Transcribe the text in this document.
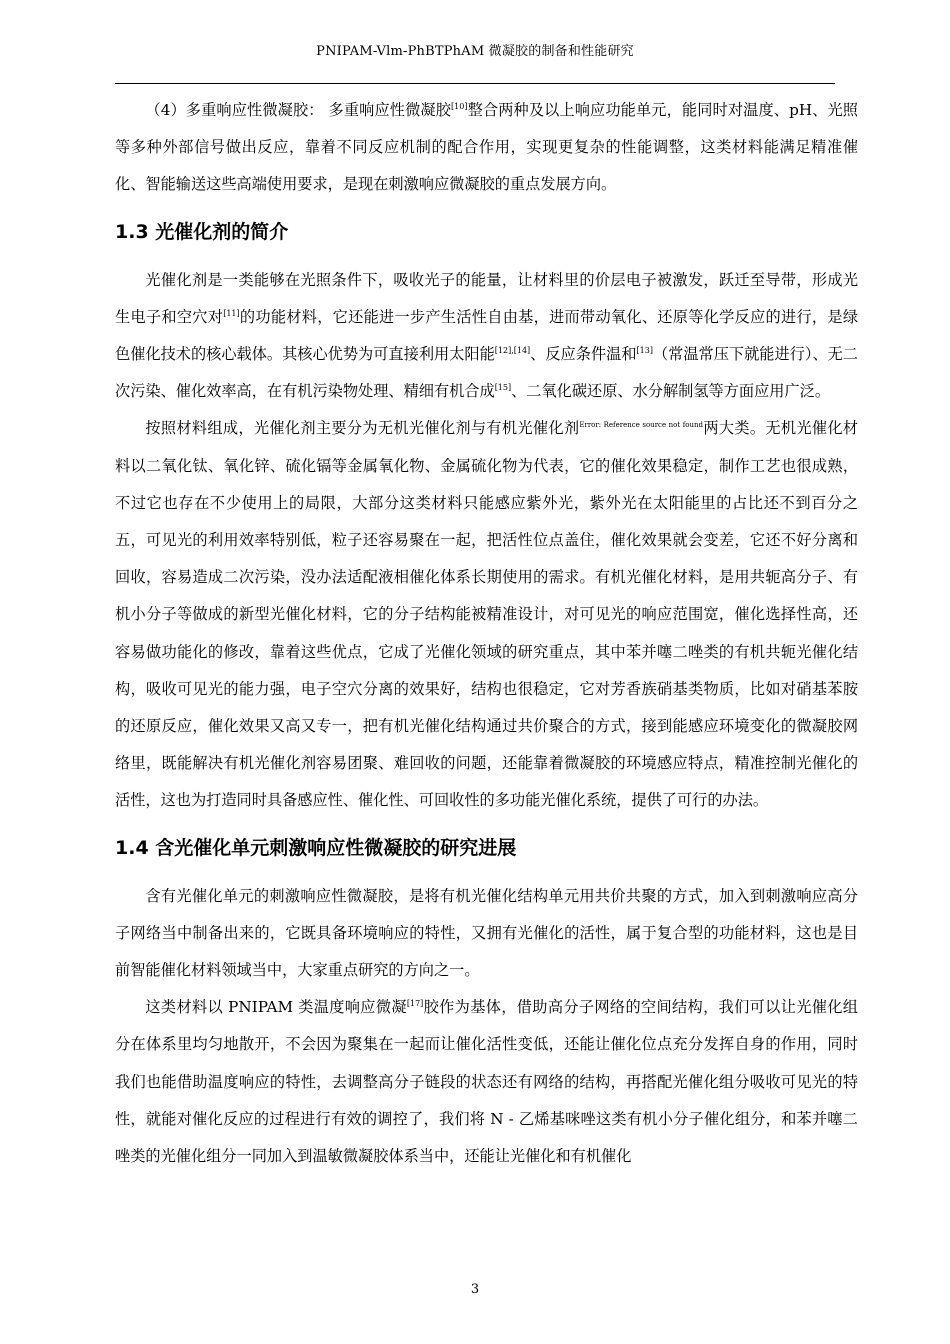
PNIPAM-Vlm-PhBTPhAM 微凝胶的制备和性能研究

（4）多重响应性微凝胶： 多重响应性微凝胶[10]整合两种及以上响应功能单元，能同时对温度、pH、光照等多种外部信号做出反应，靠着不同反应机制的配合作用，实现更复杂的性能调整，这类材料能满足精准催化、智能输送这些高端使用要求，是现在刺激响应微凝胶的重点发展方向。

1.3 光催化剂的简介

光催化剂是一类能够在光照条件下，吸收光子的能量，让材料里的价层电子被激发，跃迁至导带，形成光生电子和空穴对[11]的功能材料，它还能进一步产生活性自由基，进而带动氧化、还原等化学反应的进行，是绿色催化技术的核心载体。其核心优势为可直接利用太阳能[12],[14]、反应条件温和[13]（常温常压下就能进行）、无二次污染、催化效率高，在有机污染物处理、精细有机合成[15]、二氧化碳还原、水分解制氢等方面应用广泛。

按照材料组成，光催化剂主要分为无机光催化剂与有机光催化剂$^{Error: Reference source not found}$两大类。无机光催化材料以二氧化钛、氧化锌、硫化镉等金属氧化物、金属硫化物为代表，它的催化效果稳定，制作工艺也很成熟，不过它也存在不少使用上的局限，大部分这类材料只能感应紫外光，紫外光在太阳能里的占比还不到百分之五，可见光的利用效率特别低，粒子还容易聚在一起，把活性位点盖住，催化效果就会变差，它还不好分离和回收，容易造成二次污染，没办法适配液相催化体系长期使用的需求。有机光催化材料，是用共轭高分子、有机小分子等做成的新型光催化材料，它的分子结构能被精准设计，对可见光的响应范围宽，催化选择性高，还容易做功能化的修改，靠着这些优点，它成了光催化领域的研究重点，其中苯并噻二唑类的有机共轭光催化结构，吸收可见光的能力强，电子空穴分离的效果好，结构也很稳定，它对芳香族硝基类物质，比如对硝基苯胺的还原反应，催化效果又高又专一，把有机光催化结构通过共价聚合的方式，接到能感应环境变化的微凝胶网络里，既能解决有机光催化剂容易团聚、难回收的问题，还能靠着微凝胶的环境感应特点，精准控制光催化的活性，这也为打造同时具备感应性、催化性、可回收性的多功能光催化系统，提供了可行的办法。

1.4 含光催化单元刺激响应性微凝胶的研究进展

含有光催化单元的刺激响应性微凝胶，是将有机光催化结构单元用共价共聚的方式，加入到刺激响应高分子网络当中制备出来的，它既具备环境响应的特性，又拥有光催化的活性，属于复合型的功能材料，这也是目前智能催化材料领域当中，大家重点研究的方向之一。

这类材料以 PNIPAM 类温度响应微凝[17]胶作为基体，借助高分子网络的空间结构，我们可以让光催化组分在体系里均匀地散开，不会因为聚集在一起而让催化活性变低，还能让催化位点充分发挥自身的作用，同时我们也能借助温度响应的特性，去调整高分子链段的状态还有网络的结构，再搭配光催化组分吸收可见光的特性，就能对催化反应的过程进行有效的调控了，我们将 N - 乙烯基咪唑这类有机小分子催化组分，和苯并噻二唑类的光催化组分一同加入到温敏微凝胶体系当中，还能让光催化和有机催化

3
